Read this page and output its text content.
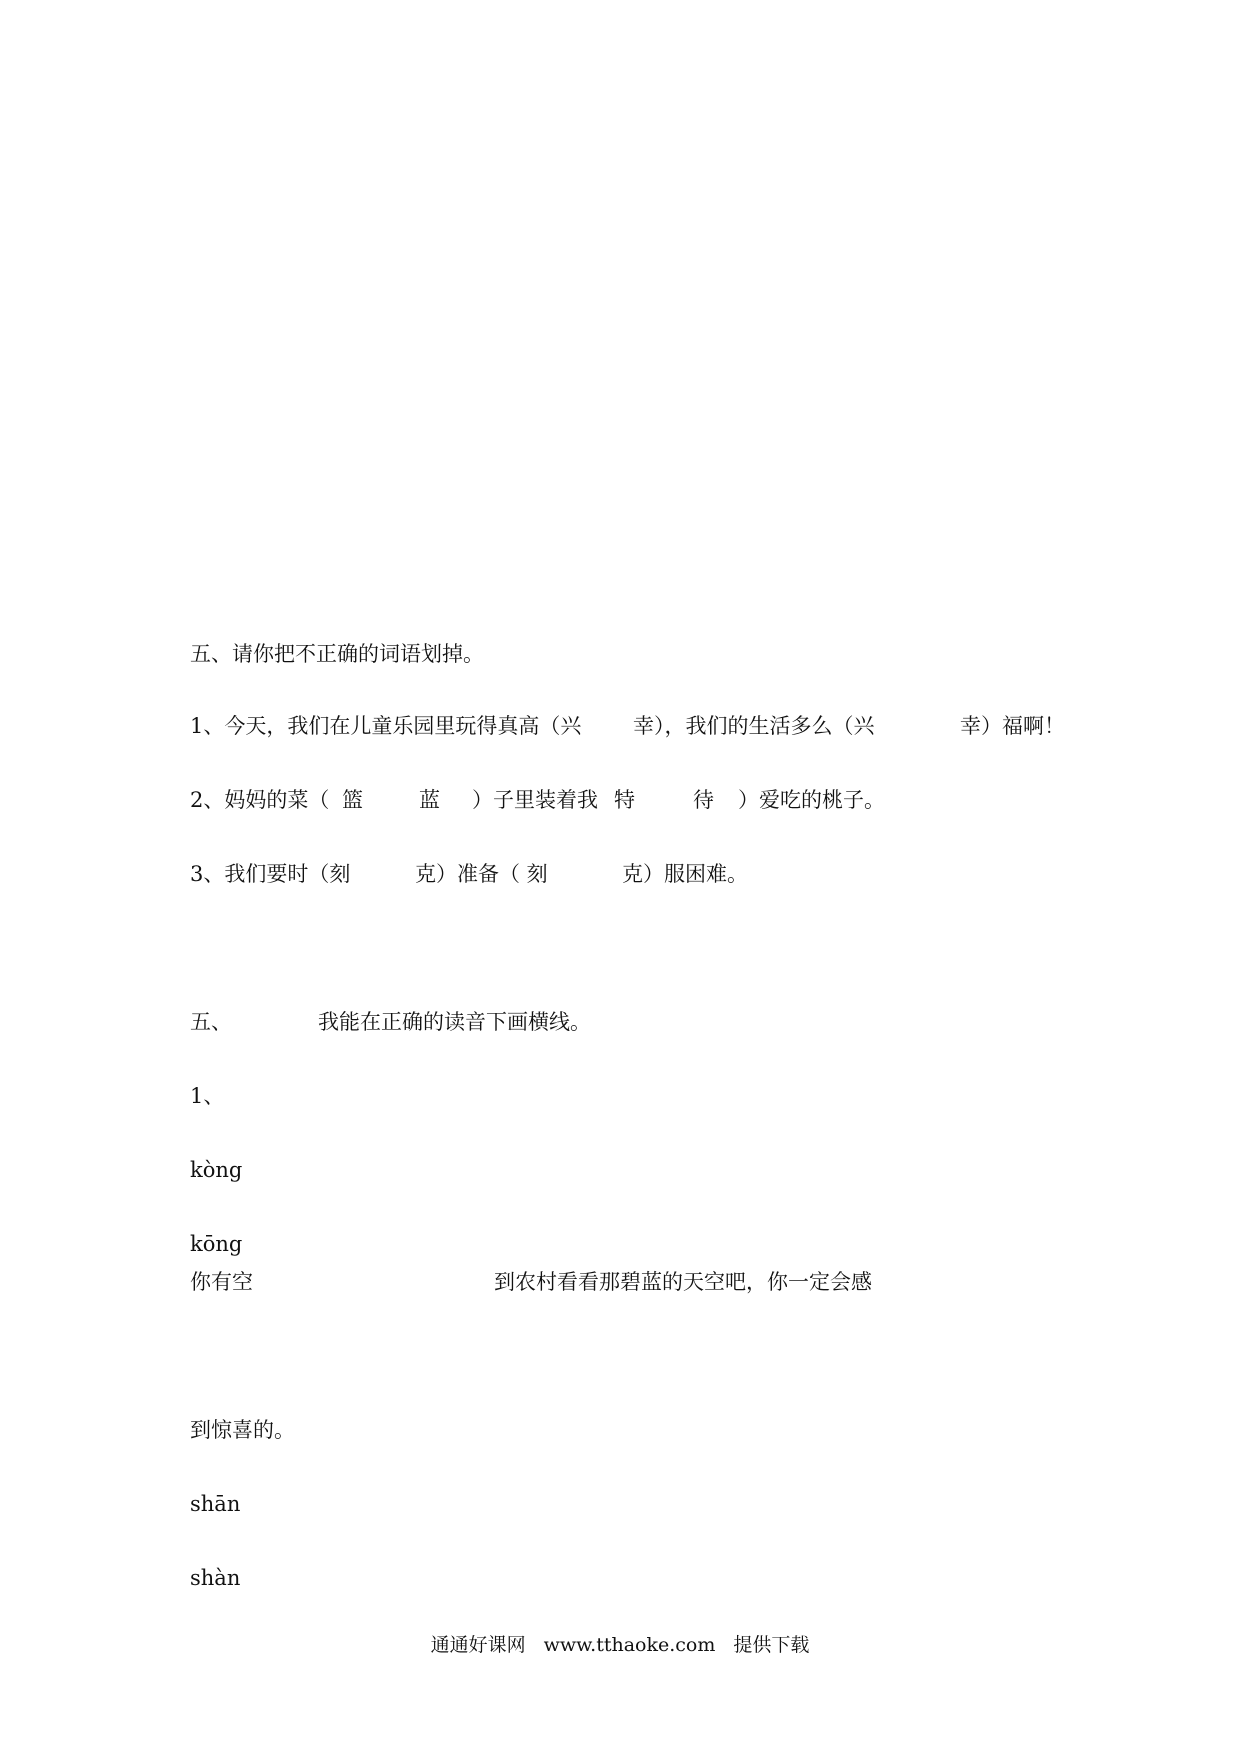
五、请你把不正确的词语划掉。
1、今天，我们在儿童乐园里玩得真高（兴 幸），我们的生活多么（兴	幸）福啊！
2、妈妈的菜（ 篮	蓝 ）子里装着我 特	待 ）爱吃的桃子。
3、我们要时（刻	克）准备（ 刻	克）服困难。
五、	我能在正确的读音下画横线。
1、
kòng
kōng
你有空	到农村看看那碧蓝的天空吧，你一定会感
到惊喜的。
shān
shàn
通通好课网 www.tthaoke.com 提供下载
